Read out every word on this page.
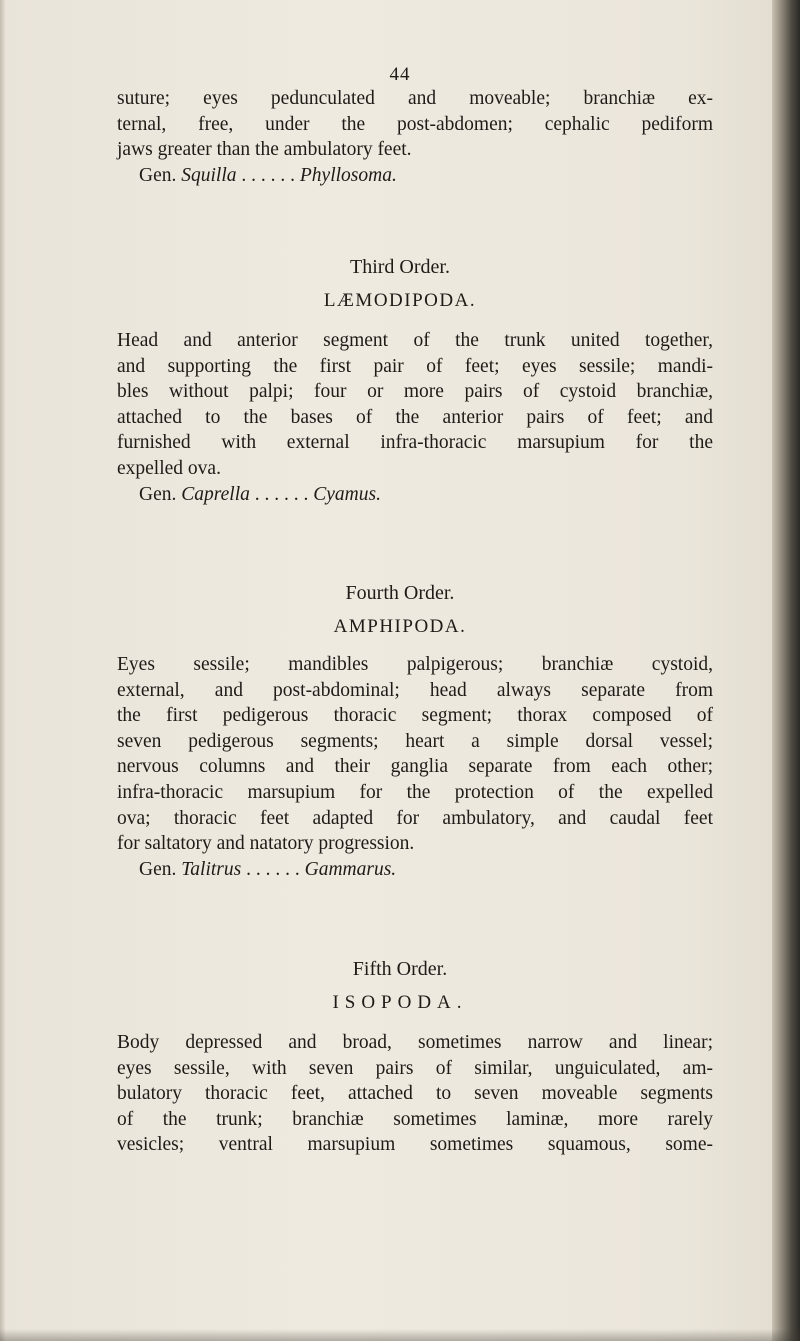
44

suture; eyes pedunculated and moveable; branchiæ ex-
ternal, free, under the post-abdomen; cephalic pediform
jaws greater than the ambulatory feet.

Gen. Squilla . . . . . . Phyllosoma.
Third Order.
LÆMODIPODA.

Head and anterior segment of the trunk united together,
and supporting the first pair of feet; eyes sessile; mandi-
bles without palpi; four or more pairs of cystoid branchiæ,
attached to the bases of the anterior pairs of feet; and
furnished with external infra-thoracic marsupium for the
expelled ova.

Gen. Caprella . . . . . . Cyamus.
Fourth Order.
AMPHIPODA.

Eyes sessile; mandibles palpigerous; branchiæ cystoid,
external, and post-abdominal; head always separate from
the first pedigerous thoracic segment; thorax composed of
seven pedigerous segments; heart a simple dorsal vessel;
nervous columns and their ganglia separate from each other;
infra-thoracic marsupium for the protection of the expelled
ova; thoracic feet adapted for ambulatory, and caudal feet
for saltatory and natatory progression.

Gen. Talitrus . . . . . . Gammarus.
Fifth Order.
ISOPODA.

Body depressed and broad, sometimes narrow and linear;
eyes sessile, with seven pairs of similar, unguiculated, am-
bulatory thoracic feet, attached to seven moveable segments
of the trunk; branchiæ sometimes laminæ, more rarely
vesicles; ventral marsupium sometimes squamous, some-
